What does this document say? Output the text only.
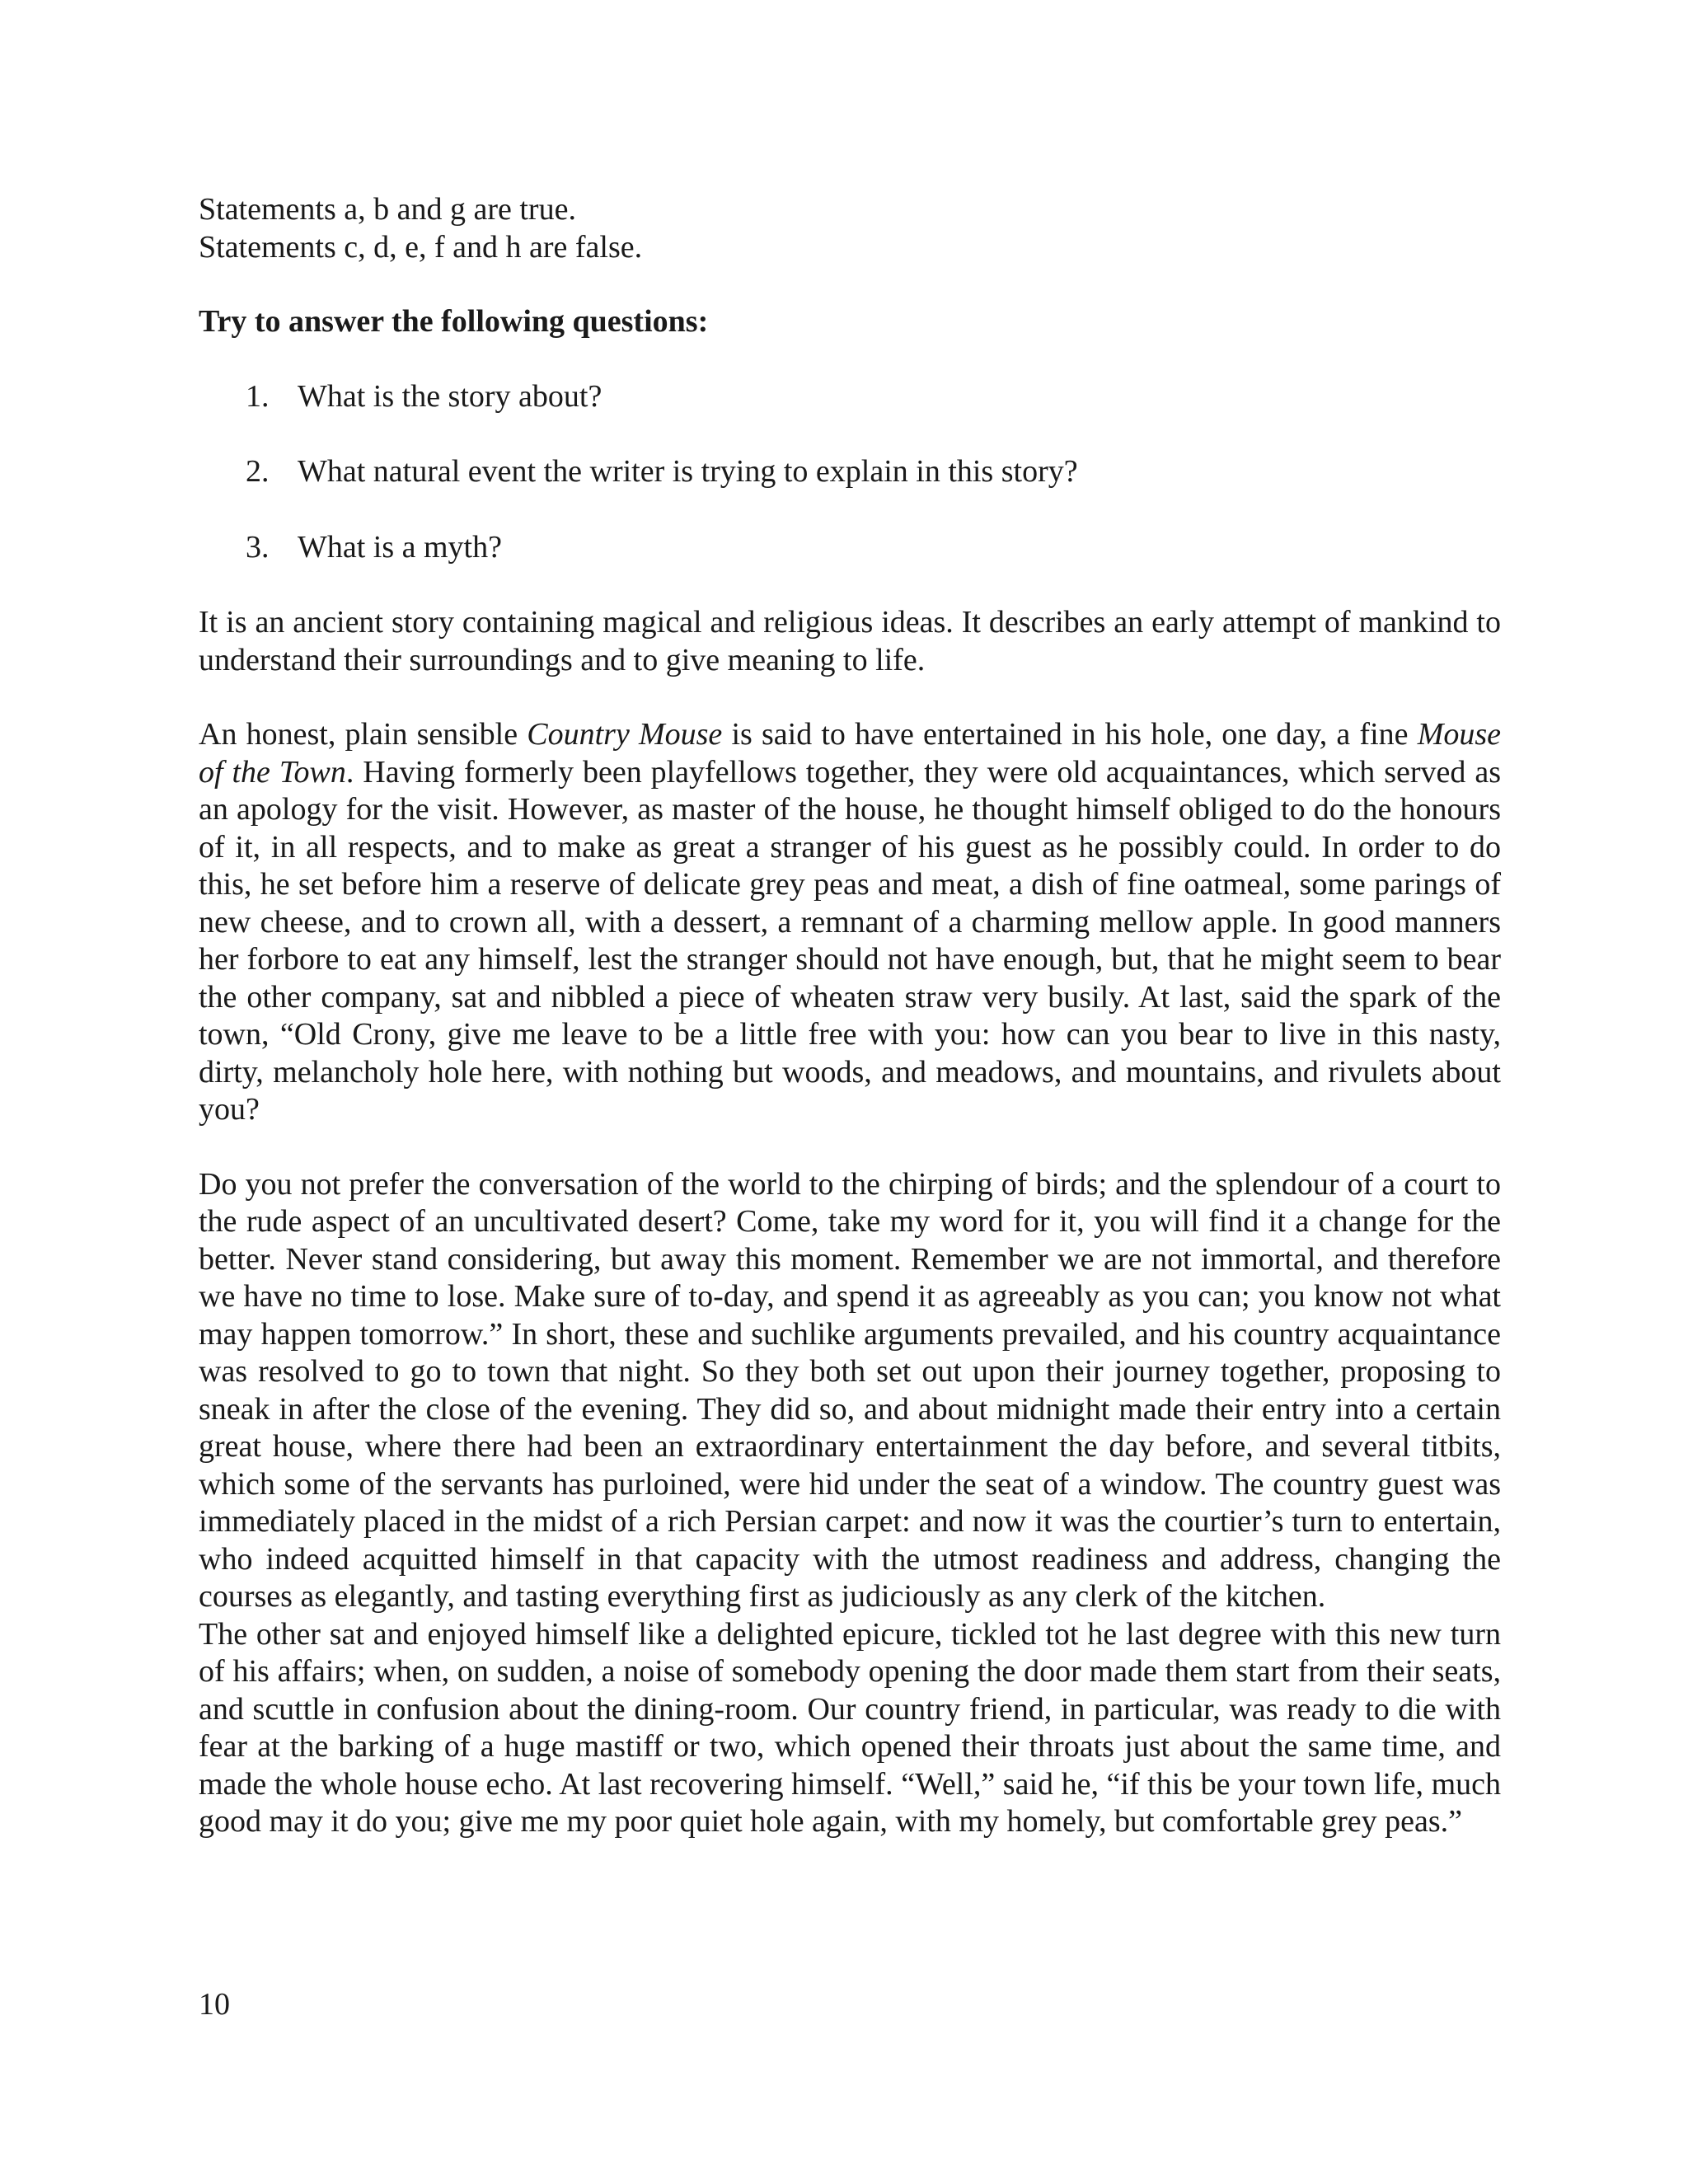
Statements a, b and g are true.
Statements c, d, e, f and h are false.
Try to answer the following questions:
1. What is the story about?
2. What natural event the writer is trying to explain in this story?
3. What is a myth?

It is an ancient story containing magical and religious ideas. It describes an early attempt of mankind to understand their surroundings and to give meaning to life.

An honest, plain sensible Country Mouse is said to have entertained in his hole, one day, a fine Mouse of the Town. Having formerly been playfellows together, they were old acquaintances, which served as an apology for the visit. However, as master of the house, he thought himself obliged to do the honours of it, in all respects, and to make as great a stranger of his guest as he possibly could. In order to do this, he set before him a reserve of delicate grey peas and meat, a dish of fine oatmeal, some parings of new cheese, and to crown all, with a dessert, a remnant of a charming mellow apple. In good manners her forbore to eat any himself, lest the stranger should not have enough, but, that he might seem to bear the other company, sat and nibbled a piece of wheaten straw very busily. At last, said the spark of the town, “Old Crony, give me leave to be a little free with you: how can you bear to live in this nasty, dirty, melancholy hole here, with nothing but woods, and meadows, and mountains, and rivulets about you?

Do you not prefer the conversation of the world to the chirping of birds; and the splendour of a court to the rude aspect of an uncultivated desert? Come, take my word for it, you will find it a change for the better. Never stand considering, but away this moment. Remember we are not immortal, and therefore we have no time to lose. Make sure of to-day, and spend it as agreeably as you can; you know not what may happen tomorrow.” In short, these and suchlike arguments prevailed, and his country acquaintance was resolved to go to town that night. So they both set out upon their journey together, proposing to sneak in after the close of the evening. They did so, and about midnight made their entry into a certain great house, where there had been an extraordinary entertainment the day before, and several titbits, which some of the servants has purloined, were hid under the seat of a window. The country guest was immediately placed in the midst of a rich Persian carpet: and now it was the courtier’s turn to entertain, who indeed acquitted himself in that capacity with the utmost readiness and address, changing the courses as elegantly, and tasting everything first as judiciously as any clerk of the kitchen.

The other sat and enjoyed himself like a delighted epicure, tickled tot he last degree with this new turn of his affairs; when, on sudden, a noise of somebody opening the door made them start from their seats, and scuttle in confusion about the dining-room. Our country friend, in particular, was ready to die with fear at the barking of a huge mastiff or two, which opened their throats just about the same time, and made the whole house echo. At last recovering himself. “Well,” said he, “if this be your town life, much good may it do you; give me my poor quiet hole again, with my homely, but comfortable grey peas.”

10
